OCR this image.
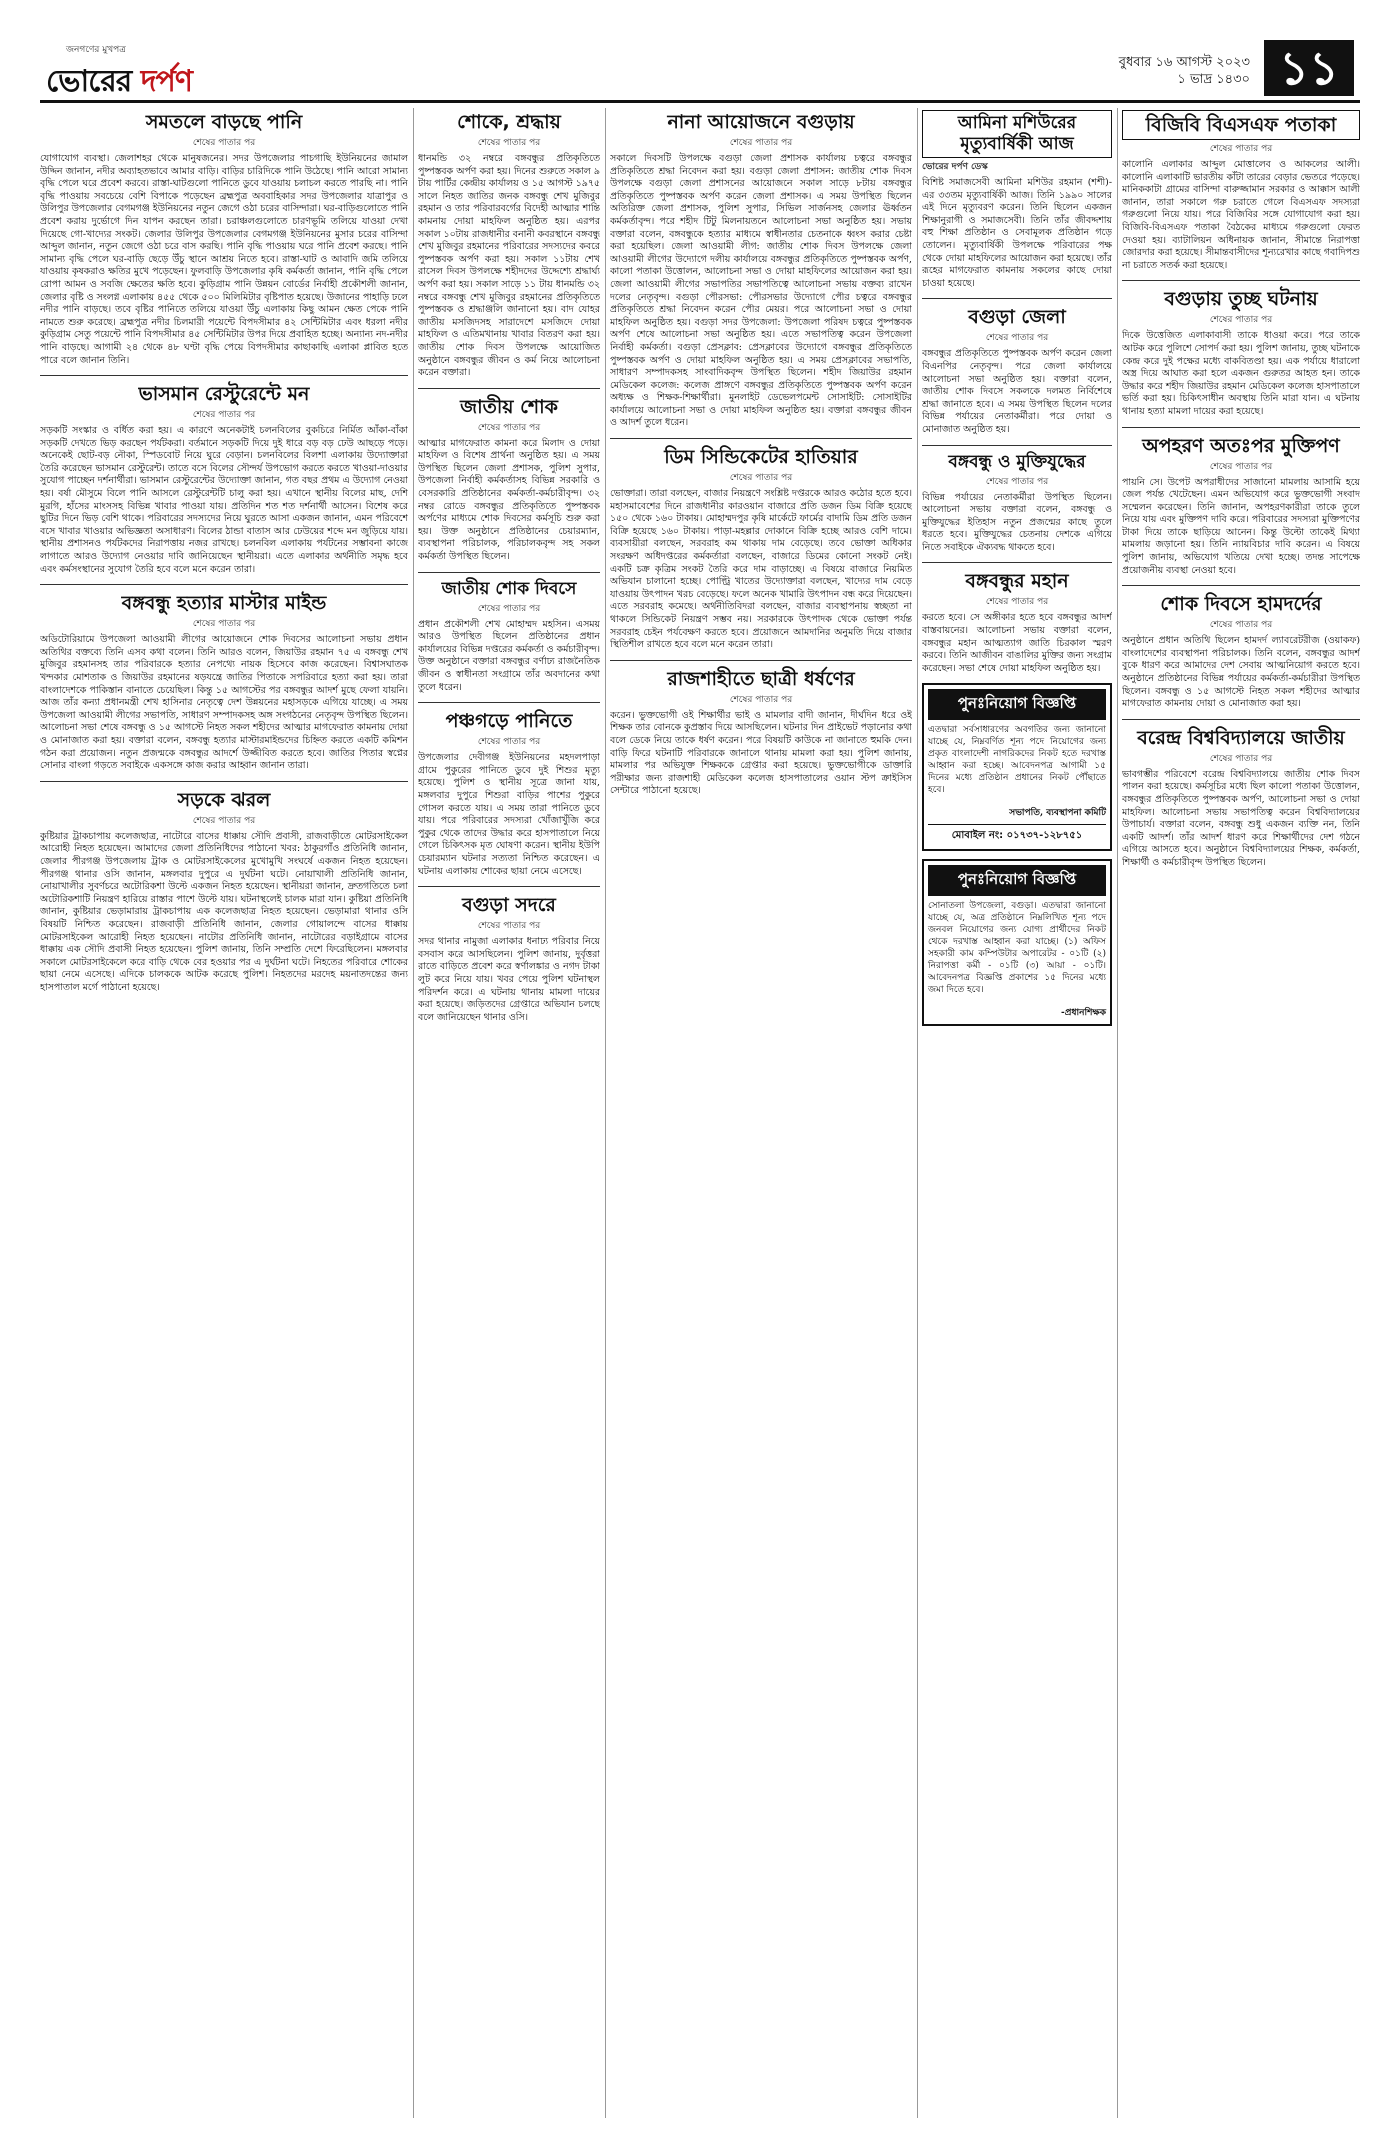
জনগণের মুখপত্র
ভোরের দর্পণ
বুধবার ১৬ আগস্ট ২০২৩
১ ভাদ্র ১৪৩০ ১১
সমতলে বাড়ছে পানি
শেষের পাতার পর

যোগাযোগ ব্যবস্থা। জেলাশহর থেকে মানুষজনের। সদর উপজেলার পাচগাছি ইউনিয়নের জামাল উদ্দিন জানান, নদীর অব্যাহতভাবে আমার বাড়ি। বাড়ির চারিদিকে পানি উঠেছে। পানি আরো সামান্য বৃদ্ধি পেলে ঘরে প্রবেশ করবে। রাস্তা-ঘাটগুলো পানিতে ডুবে যাওয়ায় চলাচল করতে পারছি না। পানি বৃদ্ধি পাওয়ায় সবচেয়ে বেশি বিপাকে পড়েছেন ব্রহ্মপুত্র অববাহিকার সদর উপজেলার যাত্রাপুর ও উলিপুর উপজেলার বেগমগঞ্জ ইউনিয়নের নতুন জেগে ওঠা চরের বাসিন্দারা। ঘর-বাড়িগুলোতে পানি প্রবেশ করায় দুর্ভোগে দিন যাপন করছেন তারা। চরাঞ্চলগুলোতে চারণভূমি তলিয়ে যাওয়া দেখা দিয়েছে গো-খাদ্যের সংকট। জেলার উলিপুর উপজেলার বেগমগঞ্জ ইউনিয়নের মুসার চরের বাসিন্দা আব্দুল জানান, নতুন জেগে ওঠা চরে বাস করছি। পানি বৃদ্ধি পাওয়ায় ঘরে পানি প্রবেশ করছে। পানি সামান্য বৃদ্ধি পেলে ঘর-বাড়ি ছেড়ে উঁচু স্থানে আশ্রয় নিতে হবে। রাস্তা-ঘাট ও আবাদি জমি তলিয়ে যাওয়ায় কৃষকরাও ক্ষতির মুখে পড়েছেন। ফুলবাড়ি উপজেলার কৃষি কর্মকর্তা জানান, পানি বৃদ্ধি পেলে রোপা আমন ও সবজি ক্ষেতের ক্ষতি হবে। কুড়িগ্রাম পানি উন্নয়ন বোর্ডের নির্বাহী প্রকৌশলী জানান, জেলার বৃষ্টি ও সংলগ্ন এলাকায় ৪৫৫ থেকে ৫০০ মিলিমিটার বৃষ্টিপাত হয়েছে। উজানের পাহাড়ি ঢলে নদীর পানি বাড়ছে। তবে বৃষ্টির পানিতে তলিয়ে যাওয়া উঁচু এলাকায় কিছু আমন ক্ষেত পেকে পানি নামতে শুরু করেছে। ব্রহ্মপুত্র নদীর চিলমারী পয়েন্টে বিপদসীমার ৪২ সেন্টিমিটার এবং ধরলা নদীর কুড়িগ্রাম সেতু পয়েন্টে পানি বিপদসীমার ৪৫ সেন্টিমিটার উপর দিয়ে প্রবাহিত হচ্ছে। অন্যান্য নদ-নদীর পানি বাড়ছে। আগামী ২৪ থেকে ৪৮ ঘণ্টা বৃদ্ধি পেয়ে বিপদসীমার কাছাকাছি এলাকা প্লাবিত হতে পারে বলে জানান তিনি।

ভাসমান রেস্টুরেন্টে মন
শেষের পাতার পর

সড়কটি সংস্কার ও বর্ধিত করা হয়। এ কারণে অনেকটাই চলনবিলের বুকচিরে নির্মিত আঁকা-বাঁকা সড়কটি দেখতে ভিড় করছেন পর্যটকরা। বর্তমানে সড়কটি দিয়ে দুই ধারে বড় বড় ঢেউ আছড়ে পড়ে। অনেকেই ছোট-বড় নৌকা, স্পিডবোট নিয়ে ঘুরে বেড়ান। চলনবিলের বিলশা এলাকায় উদ্যোক্তারা তৈরি করেছেন ভাসমান রেস্টুরেন্ট। তাতে বসে বিলের সৌন্দর্য উপভোগ করতে করতে খাওয়া-দাওয়ার সুযোগ পাচ্ছেন দর্শনার্থীরা। ভাসমান রেস্টুরেন্টের উদ্যোক্তা জানান, গত বছর প্রথম এ উদ্যোগ নেওয়া হয়। বর্ষা মৌসুমে বিলে পানি আসলে রেস্টুরেন্টটি চালু করা হয়। এখানে স্থানীয় বিলের মাছ, দেশি মুরগি, হাঁসের মাংসসহ বিভিন্ন খাবার পাওয়া যায়। প্রতিদিন শত শত দর্শনার্থী আসেন। বিশেষ করে ছুটির দিনে ভিড় বেশি থাকে। পরিবারের সদস্যদের নিয়ে ঘুরতে আসা একজন জানান, এমন পরিবেশে বসে খাবার খাওয়ার অভিজ্ঞতা অসাধারণ। বিলের ঠান্ডা বাতাস আর ঢেউয়ের শব্দে মন জুড়িয়ে যায়। স্থানীয় প্রশাসনও পর্যটকদের নিরাপত্তায় নজর রাখছে। চলনবিল এলাকায় পর্যটনের সম্ভাবনা কাজে লাগাতে আরও উদ্যোগ নেওয়ার দাবি জানিয়েছেন স্থানীয়রা। এতে এলাকার অর্থনীতি সমৃদ্ধ হবে এবং কর্মসংস্থানের সুযোগ তৈরি হবে বলে মনে করেন তারা।

বঙ্গবন্ধু হত্যার মাস্টার মাইন্ড
শেষের পাতার পর

অডিটোরিয়ামে উপজেলা আওয়ামী লীগের আয়োজনে শোক দিবসের আলোচনা সভায় প্রধান অতিথির বক্তব্যে তিনি এসব কথা বলেন। তিনি আরও বলেন, জিয়াউর রহমান ৭৫ এ বঙ্গবন্ধু শেখ মুজিবুর রহমানসহ তার পরিবারকে হত্যার নেপথ্যে নায়ক হিসেবে কাজ করেছেন। বিশ্বাসঘাতক খন্দকার মোশতাক ও জিয়াউর রহমানের ষড়যন্ত্রে জাতির পিতাকে সপরিবারে হত্যা করা হয়। তারা বাংলাদেশকে পাকিস্তান বানাতে চেয়েছিল। কিন্তু ১৫ আগস্টের পর বঙ্গবন্ধুর আদর্শ মুছে ফেলা যায়নি। আজ তাঁর কন্যা প্রধানমন্ত্রী শেখ হাসিনার নেতৃত্বে দেশ উন্নয়নের মহাসড়কে এগিয়ে যাচ্ছে। এ সময় উপজেলা আওয়ামী লীগের সভাপতি, সাধারণ সম্পাদকসহ অঙ্গ সংগঠনের নেতৃবৃন্দ উপস্থিত ছিলেন। আলোচনা সভা শেষে বঙ্গবন্ধু ও ১৫ আগস্টে নিহত সকল শহীদের আত্মার মাগফেরাত কামনায় দোয়া ও মোনাজাত করা হয়। বক্তারা বলেন, বঙ্গবন্ধু হত্যার মাস্টারমাইন্ডদের চিহ্নিত করতে একটি কমিশন গঠন করা প্রয়োজন। নতুন প্রজন্মকে বঙ্গবন্ধুর আদর্শে উজ্জীবিত করতে হবে। জাতির পিতার স্বপ্নের সোনার বাংলা গড়তে সবাইকে একসঙ্গে কাজ করার আহ্বান জানান তারা।

সড়কে ঝরল
শেষের পাতার পর

কুষ্টিয়ার ট্রাকচাপায় কলেজছাত্র, নাটোরে বাসের ধাক্কায় সৌদি প্রবাসী, রাজবাড়ীতে মোটরসাইকেল আরোহী নিহত হয়েছেন। আমাদের জেলা প্রতিনিধিদের পাঠানো খবর: ঠাকুরগাঁও প্রতিনিধি জানান, জেলার পীরগঞ্জ উপজেলায় ট্রাক ও মোটরসাইকেলের মুখোমুখি সংঘর্ষে একজন নিহত হয়েছেন। পীরগঞ্জ থানার ওসি জানান, মঙ্গলবার দুপুরে এ দুর্ঘটনা ঘটে। নোয়াখালী প্রতিনিধি জানান, নোয়াখালীর সুবর্ণচরে অটোরিকশা উল্টে একজন নিহত হয়েছেন। স্থানীয়রা জানান, দ্রুতগতিতে চলা অটোরিকশাটি নিয়ন্ত্রণ হারিয়ে রাস্তার পাশে উল্টে যায়। ঘটনাস্থলেই চালক মারা যান। কুষ্টিয়া প্রতিনিধি জানান, কুষ্টিয়ার ভেড়ামারায় ট্রাকচাপায় এক কলেজছাত্র নিহত হয়েছেন। ভেড়ামারা থানার ওসি বিষয়টি নিশ্চিত করেছেন। রাজবাড়ী প্রতিনিধি জানান, জেলার গোয়ালন্দে বাসের ধাক্কায় মোটরসাইকেল আরোহী নিহত হয়েছেন। নাটোর প্রতিনিধি জানান, নাটোরের বড়াইগ্রামে বাসের ধাক্কায় এক সৌদি প্রবাসী নিহত হয়েছেন। পুলিশ জানায়, তিনি সম্প্রতি দেশে ফিরেছিলেন। মঙ্গলবার সকালে মোটরসাইকেলে করে বাড়ি থেকে বের হওয়ার পর এ দুর্ঘটনা ঘটে। নিহতের পরিবারে শোকের ছায়া নেমে এসেছে। এদিকে চালককে আটক করেছে পুলিশ। নিহতদের মরদেহ ময়নাতদন্তের জন্য হাসপাতাল মর্গে পাঠানো হয়েছে।

শোকে, শ্রদ্ধায়
শেষের পাতার পর

ধানমন্ডি ৩২ নম্বরে বঙ্গবন্ধুর প্রতিকৃতিতে পুষ্পস্তবক অর্পণ করা হয়। দিনের শুরুতে সকাল ৯ টায় পার্টির কেন্দ্রীয় কার্যালয় ও ১৫ আগস্ট ১৯৭৫ সালে নিহত জাতির জনক বঙ্গবন্ধু শেখ মুজিবুর রহমান ও তার পরিবারবর্গের বিদেহী আত্মার শান্তি কামনায় দোয়া মাহফিল অনুষ্ঠিত হয়। এরপর সকাল ১০টায় রাজধানীর বনানী কবরস্থানে বঙ্গবন্ধু শেখ মুজিবুর রহমানের পরিবারের সদস্যদের কবরে পুষ্পস্তবক অর্পণ করা হয়। সকাল ১১টায় শেখ রাসেল দিবস উপলক্ষে শহীদদের উদ্দেশ্যে শ্রদ্ধার্ঘ্য অর্পণ করা হয়। সকাল সাড়ে ১১ টায় ধানমন্ডি ৩২ নম্বরে বঙ্গবন্ধু শেখ মুজিবুর রহমানের প্রতিকৃতিতে পুষ্পস্তবক ও শ্রদ্ধাঞ্জলি জানানো হয়। বাদ যোহর জাতীয় মসজিদসহ সারাদেশে মসজিদে দোয়া মাহফিল ও এতিমখানায় খাবার বিতরণ করা হয়। জাতীয় শোক দিবস উপলক্ষে আয়োজিত অনুষ্ঠানে বঙ্গবন্ধুর জীবন ও কর্ম নিয়ে আলোচনা করেন বক্তারা।

জাতীয় শোক
শেষের পাতার পর

আত্মার মাগফেরাত কামনা করে মিলাদ ও দোয়া মাহফিল ও বিশেষ প্রার্থনা অনুষ্ঠিত হয়। এ সময় উপস্থিত ছিলেন জেলা প্রশাসক, পুলিশ সুপার, উপজেলা নির্বাহী কর্মকর্তাসহ বিভিন্ন সরকারি ও বেসরকারি প্রতিষ্ঠানের কর্মকর্তা-কর্মচারীবৃন্দ। ৩২ নম্বর রোডে বঙ্গবন্ধুর প্রতিকৃতিতে পুষ্পস্তবক অর্পণের মাধ্যমে শোক দিবসের কর্মসূচি শুরু করা হয়। উক্ত অনুষ্ঠানে প্রতিষ্ঠানের চেয়ারম্যান, ব্যবস্থাপনা পরিচালক, পরিচালকবৃন্দ সহ সকল কর্মকর্তা উপস্থিত ছিলেন।

জাতীয় শোক দিবসে
শেষের পাতার পর

প্রধান প্রকৌশলী শেখ মোহাম্মদ মহসিন। এসময় আরও উপস্থিত ছিলেন প্রতিষ্ঠানের প্রধান কার্যালয়ের বিভিন্ন দপ্তরের কর্মকর্তা ও কর্মচারীবৃন্দ। উক্ত অনুষ্ঠানে বক্তারা বঙ্গবন্ধুর বর্ণাঢ্য রাজনৈতিক জীবন ও স্বাধীনতা সংগ্রামে তাঁর অবদানের কথা তুলে ধরেন।

পঞ্চগড়ে পানিতে
শেষের পাতার পর

উপজেলার দেবীগঞ্জ ইউনিয়নের মহদলপাড়া গ্রামে পুকুরের পানিতে ডুবে দুই শিশুর মৃত্যু হয়েছে। পুলিশ ও স্থানীয় সূত্রে জানা যায়, মঙ্গলবার দুপুরে শিশুরা বাড়ির পাশের পুকুরে গোসল করতে যায়। এ সময় তারা পানিতে ডুবে যায়। পরে পরিবারের সদস্যরা খোঁজাখুঁজি করে পুকুর থেকে তাদের উদ্ধার করে হাসপাতালে নিয়ে গেলে চিকিৎসক মৃত ঘোষণা করেন। স্থানীয় ইউপি চেয়ারম্যান ঘটনার সত্যতা নিশ্চিত করেছেন। এ ঘটনায় এলাকায় শোকের ছায়া নেমে এসেছে।

বগুড়া সদরে
শেষের পাতার পর

সদর থানার নামুজা এলাকার ধনাঢ্য পরিবার নিয়ে বসবাস করে আসছিলেন। পুলিশ জানায়, দুর্বৃত্তরা রাতে বাড়িতে প্রবেশ করে স্বর্ণালঙ্কার ও নগদ টাকা লুট করে নিয়ে যায়। খবর পেয়ে পুলিশ ঘটনাস্থল পরিদর্শন করে। এ ঘটনায় থানায় মামলা দায়ের করা হয়েছে। জড়িতদের গ্রেপ্তারে অভিযান চলছে বলে জানিয়েছেন থানার ওসি।

নানা আয়োজনে বগুড়ায়
শেষের পাতার পর

সকালে দিবসটি উপলক্ষে বগুড়া জেলা প্রশাসক কার্যালয় চত্বরে বঙ্গবন্ধুর প্রতিকৃতিতে শ্রদ্ধা নিবেদন করা হয়। বগুড়া জেলা প্রশাসন: জাতীয় শোক দিবস উপলক্ষে বগুড়া জেলা প্রশাসনের আয়োজনে সকাল সাড়ে ৮টায় বঙ্গবন্ধুর প্রতিকৃতিতে পুষ্পস্তবক অর্পণ করেন জেলা প্রশাসক। এ সময় উপস্থিত ছিলেন অতিরিক্ত জেলা প্রশাসক, পুলিশ সুপার, সিভিল সার্জনসহ জেলার ঊর্ধ্বতন কর্মকর্তাবৃন্দ। পরে শহীদ টিটু মিলনায়তনে আলোচনা সভা অনুষ্ঠিত হয়। সভায় বক্তারা বলেন, বঙ্গবন্ধুকে হত্যার মাধ্যমে স্বাধীনতার চেতনাকে ধ্বংস করার চেষ্টা করা হয়েছিল। জেলা আওয়ামী লীগ: জাতীয় শোক দিবস উপলক্ষে জেলা আওয়ামী লীগের উদ্যোগে দলীয় কার্যালয়ে বঙ্গবন্ধুর প্রতিকৃতিতে পুষ্পস্তবক অর্পণ, কালো পতাকা উত্তোলন, আলোচনা সভা ও দোয়া মাহফিলের আয়োজন করা হয়। জেলা আওয়ামী লীগের সভাপতির সভাপতিত্বে আলোচনা সভায় বক্তব্য রাখেন দলের নেতৃবৃন্দ। বগুড়া পৌরসভা: পৌরসভার উদ্যোগে পৌর চত্বরে বঙ্গবন্ধুর প্রতিকৃতিতে শ্রদ্ধা নিবেদন করেন পৌর মেয়র। পরে আলোচনা সভা ও দোয়া মাহফিল অনুষ্ঠিত হয়। বগুড়া সদর উপজেলা: উপজেলা পরিষদ চত্বরে পুষ্পস্তবক অর্পণ শেষে আলোচনা সভা অনুষ্ঠিত হয়। এতে সভাপতিত্ব করেন উপজেলা নির্বাহী কর্মকর্তা। বগুড়া প্রেসক্লাব: প্রেসক্লাবের উদ্যোগে বঙ্গবন্ধুর প্রতিকৃতিতে পুষ্পস্তবক অর্পণ ও দোয়া মাহফিল অনুষ্ঠিত হয়। এ সময় প্রেসক্লাবের সভাপতি, সাধারণ সম্পাদকসহ সাংবাদিকবৃন্দ উপস্থিত ছিলেন। শহীদ জিয়াউর রহমান মেডিকেল কলেজ: কলেজ প্রাঙ্গণে বঙ্গবন্ধুর প্রতিকৃতিতে পুষ্পস্তবক অর্পণ করেন অধ্যক্ষ ও শিক্ষক-শিক্ষার্থীরা। মুনলাইট ডেভেলপমেন্ট সোসাইটি: সোসাইটির কার্যালয়ে আলোচনা সভা ও দোয়া মাহফিল অনুষ্ঠিত হয়। বক্তারা বঙ্গবন্ধুর জীবন ও আদর্শ তুলে ধরেন।

ডিম সিন্ডিকেটের হাতিয়ার
শেষের পাতার পর

ভোক্তারা। তারা বলছেন, বাজার নিয়ন্ত্রণে সংশ্লিষ্ট দপ্তরকে আরও কঠোর হতে হবে। মহাসমাবেশের দিনে রাজধানীর কারওয়ান বাজারে প্রতি ডজন ডিম বিক্রি হয়েছে ১৫০ থেকে ১৬০ টাকায়। মোহাম্মদপুর কৃষি মার্কেটে ফার্মের বাদামি ডিম প্রতি ডজন বিক্রি হয়েছে ১৬০ টাকায়। পাড়া-মহল্লার দোকানে বিক্রি হচ্ছে আরও বেশি দামে। ব্যবসায়ীরা বলছেন, সরবরাহ কম থাকায় দাম বেড়েছে। তবে ভোক্তা অধিকার সংরক্ষণ অধিদপ্তরের কর্মকর্তারা বলছেন, বাজারে ডিমের কোনো সংকট নেই। একটি চক্র কৃত্রিম সংকট তৈরি করে দাম বাড়াচ্ছে। এ বিষয়ে বাজারে নিয়মিত অভিযান চালানো হচ্ছে। পোল্ট্রি খাতের উদ্যোক্তারা বলছেন, খাদ্যের দাম বেড়ে যাওয়ায় উৎপাদন খরচ বেড়েছে। ফলে অনেক খামারি উৎপাদন বন্ধ করে দিয়েছেন। এতে সরবরাহ কমেছে। অর্থনীতিবিদরা বলছেন, বাজার ব্যবস্থাপনায় স্বচ্ছতা না থাকলে সিন্ডিকেট নিয়ন্ত্রণ সম্ভব নয়। সরকারকে উৎপাদক থেকে ভোক্তা পর্যন্ত সরবরাহ চেইন পর্যবেক্ষণ করতে হবে। প্রয়োজনে আমদানির অনুমতি দিয়ে বাজার স্থিতিশীল রাখতে হবে বলে মনে করেন তারা।

রাজশাহীতে ছাত্রী ধর্ষণের
শেষের পাতার পর

করেন। ভুক্তভোগী ওই শিক্ষার্থীর ভাই ও মামলার বাদী জানান, দীর্ঘদিন ধরে ওই শিক্ষক তার বোনকে কুপ্রস্তাব দিয়ে আসছিলেন। ঘটনার দিন প্রাইভেট পড়ানোর কথা বলে ডেকে নিয়ে তাকে ধর্ষণ করেন। পরে বিষয়টি কাউকে না জানাতে হুমকি দেন। বাড়ি ফিরে ঘটনাটি পরিবারকে জানালে থানায় মামলা করা হয়। পুলিশ জানায়, মামলার পর অভিযুক্ত শিক্ষককে গ্রেপ্তার করা হয়েছে। ভুক্তভোগীকে ডাক্তারি পরীক্ষার জন্য রাজশাহী মেডিকেল কলেজ হাসপাতালের ওয়ান স্টপ ক্রাইসিস সেন্টারে পাঠানো হয়েছে।

আমিনা মশিউরের মৃত্যুবার্ষিকী আজ
ভোরের দর্পণ ডেস্ক

বিশিষ্ট সমাজসেবী আমিনা মশিউর রহমান (শশী)-এর ৩৩তম মৃত্যুবার্ষিকী আজ। তিনি ১৯৯০ সালের এই দিনে মৃত্যুবরণ করেন। তিনি ছিলেন একজন শিক্ষানুরাগী ও সমাজসেবী। তিনি তাঁর জীবদ্দশায় বহু শিক্ষা প্রতিষ্ঠান ও সেবামূলক প্রতিষ্ঠান গড়ে তোলেন। মৃত্যুবার্ষিকী উপলক্ষে পরিবারের পক্ষ থেকে দোয়া মাহফিলের আয়োজন করা হয়েছে। তাঁর রূহের মাগফেরাত কামনায় সকলের কাছে দোয়া চাওয়া হয়েছে।

বগুড়া জেলা
শেষের পাতার পর

বঙ্গবন্ধুর প্রতিকৃতিতে পুষ্পস্তবক অর্পণ করেন জেলা বিএনপির নেতৃবৃন্দ। পরে জেলা কার্যালয়ে আলোচনা সভা অনুষ্ঠিত হয়। বক্তারা বলেন, জাতীয় শোক দিবসে সকলকে দলমত নির্বিশেষে শ্রদ্ধা জানাতে হবে। এ সময় উপস্থিত ছিলেন দলের বিভিন্ন পর্যায়ের নেতাকর্মীরা। পরে দোয়া ও মোনাজাত অনুষ্ঠিত হয়।

বঙ্গবন্ধু ও মুক্তিযুদ্ধের
শেষের পাতার পর

বিভিন্ন পর্যায়ের নেতাকর্মীরা উপস্থিত ছিলেন। আলোচনা সভায় বক্তারা বলেন, বঙ্গবন্ধু ও মুক্তিযুদ্ধের ইতিহাস নতুন প্রজন্মের কাছে তুলে ধরতে হবে। মুক্তিযুদ্ধের চেতনায় দেশকে এগিয়ে নিতে সবাইকে ঐক্যবদ্ধ থাকতে হবে।

বঙ্গবন্ধুর মহান
শেষের পাতার পর

করতে হবে। সে অঙ্গীকার হতে হবে বঙ্গবন্ধুর আদর্শ বাস্তবায়নের। আলোচনা সভায় বক্তারা বলেন, বঙ্গবন্ধুর মহান আত্মত্যাগ জাতি চিরকাল স্মরণ করবে। তিনি আজীবন বাঙালির মুক্তির জন্য সংগ্রাম করেছেন। সভা শেষে দোয়া মাহফিল অনুষ্ঠিত হয়।

পুনঃনিয়োগ বিজ্ঞপ্তি

এতদ্বারা সর্বসাধারণের অবগতির জন্য জানানো যাচ্ছে যে, নিম্নবর্ণিত শূন্য পদে নিয়োগের জন্য প্রকৃত বাংলাদেশী নাগরিকদের নিকট হতে দরখাস্ত আহ্বান করা হচ্ছে। আবেদনপত্র আগামী ১৫ দিনের মধ্যে প্রতিষ্ঠান প্রধানের নিকট পৌঁছাতে হবে।

সভাপতি, ব্যবস্থাপনা কমিটি
মোবাইল নং: ০১৭৩৭-১২৮৭৫১
পুনঃনিয়োগ বিজ্ঞপ্তি

সোনাতলা উপজেলা, বগুড়া। এতদ্বারা জানানো যাচ্ছে যে, অত্র প্রতিষ্ঠানে নিম্নলিখিত শূন্য পদে জনবল নিয়োগের জন্য যোগ্য প্রার্থীদের নিকট থেকে দরখাস্ত আহ্বান করা যাচ্ছে। (১) অফিস সহকারী কাম কম্পিউটার অপারেটর - ০১টি (২) নিরাপত্তা কর্মী - ০১টি (৩) আয়া - ০১টি। আবেদনপত্র বিজ্ঞপ্তি প্রকাশের ১৫ দিনের মধ্যে জমা দিতে হবে।

-প্রধানশিক্ষক
বিজিবি বিএসএফ পতাকা
শেষের পাতার পর

কালোনি এলাকার আব্দুল মোত্তালেব ও আকলের আলী। কালোনি এলাকাটি ভারতীয় কাঁটা তারের বেড়ার ভেতরে পড়েছে। মানিককাটা গ্রামের বাসিন্দা বারুজ্জামান সরকার ও আক্কাস আলী জানান, তারা সকালে গরু চরাতে গেলে বিএসএফ সদস্যরা গরুগুলো নিয়ে যায়। পরে বিজিবির সঙ্গে যোগাযোগ করা হয়। বিজিবি-বিএসএফ পতাকা বৈঠকের মাধ্যমে গরুগুলো ফেরত দেওয়া হয়। ব্যাটালিয়ন অধিনায়ক জানান, সীমান্তে নিরাপত্তা জোরদার করা হয়েছে। সীমান্তবাসীদের শূন্যরেখার কাছে গবাদিপশু না চরাতে সতর্ক করা হয়েছে।

বগুড়ায় তুচ্ছ ঘটনায়
শেষের পাতার পর

দিকে উত্তেজিত এলাকাবাসী তাকে ধাওয়া করে। পরে তাকে আটক করে পুলিশে সোপর্দ করা হয়। পুলিশ জানায়, তুচ্ছ ঘটনাকে কেন্দ্র করে দুই পক্ষের মধ্যে বাকবিতণ্ডা হয়। এক পর্যায়ে ধারালো অস্ত্র দিয়ে আঘাত করা হলে একজন গুরুতর আহত হন। তাকে উদ্ধার করে শহীদ জিয়াউর রহমান মেডিকেল কলেজ হাসপাতালে ভর্তি করা হয়। চিকিৎসাধীন অবস্থায় তিনি মারা যান। এ ঘটনায় থানায় হত্যা মামলা দায়ের করা হয়েছে।

অপহরণ অতঃপর মুক্তিপণ
শেষের পাতার পর

পায়নি সে। উপেট অপরাধীদের সাজানো মামলায় আসামি হয়ে জেল পর্যন্ত খেটেছেন। এমন অভিযোগ করে ভুক্তভোগী সংবাদ সম্মেলন করেছেন। তিনি জানান, অপহরণকারীরা তাকে তুলে নিয়ে যায় এবং মুক্তিপণ দাবি করে। পরিবারের সদস্যরা মুক্তিপণের টাকা দিয়ে তাকে ছাড়িয়ে আনেন। কিন্তু উল্টো তাকেই মিথ্যা মামলায় জড়ানো হয়। তিনি ন্যায়বিচার দাবি করেন। এ বিষয়ে পুলিশ জানায়, অভিযোগ খতিয়ে দেখা হচ্ছে। তদন্ত সাপেক্ষে প্রয়োজনীয় ব্যবস্থা নেওয়া হবে।

শোক দিবসে হামদর্দের
শেষের পাতার পর

অনুষ্ঠানে প্রধান অতিথি ছিলেন হামদর্দ ল্যাবরেটরীজ (ওয়াকফ) বাংলাদেশের ব্যবস্থাপনা পরিচালক। তিনি বলেন, বঙ্গবন্ধুর আদর্শ বুকে ধারণ করে আমাদের দেশ সেবায় আত্মনিয়োগ করতে হবে। অনুষ্ঠানে প্রতিষ্ঠানের বিভিন্ন পর্যায়ের কর্মকর্তা-কর্মচারীরা উপস্থিত ছিলেন। বঙ্গবন্ধু ও ১৫ আগস্টে নিহত সকল শহীদের আত্মার মাগফেরাত কামনায় দোয়া ও মোনাজাত করা হয়।

বরেন্দ্র বিশ্ববিদ্যালয়ে জাতীয়
শেষের পাতার পর

ভাবগম্ভীর পরিবেশে বরেন্দ্র বিশ্ববিদ্যালয়ে জাতীয় শোক দিবস পালন করা হয়েছে। কর্মসূচির মধ্যে ছিল কালো পতাকা উত্তোলন, বঙ্গবন্ধুর প্রতিকৃতিতে পুষ্পস্তবক অর্পণ, আলোচনা সভা ও দোয়া মাহফিল। আলোচনা সভায় সভাপতিত্ব করেন বিশ্ববিদ্যালয়ের উপাচার্য। বক্তারা বলেন, বঙ্গবন্ধু শুধু একজন ব্যক্তি নন, তিনি একটি আদর্শ। তাঁর আদর্শ ধারণ করে শিক্ষার্থীদের দেশ গঠনে এগিয়ে আসতে হবে। অনুষ্ঠানে বিশ্ববিদ্যালয়ের শিক্ষক, কর্মকর্তা, শিক্ষার্থী ও কর্মচারীবৃন্দ উপস্থিত ছিলেন।
